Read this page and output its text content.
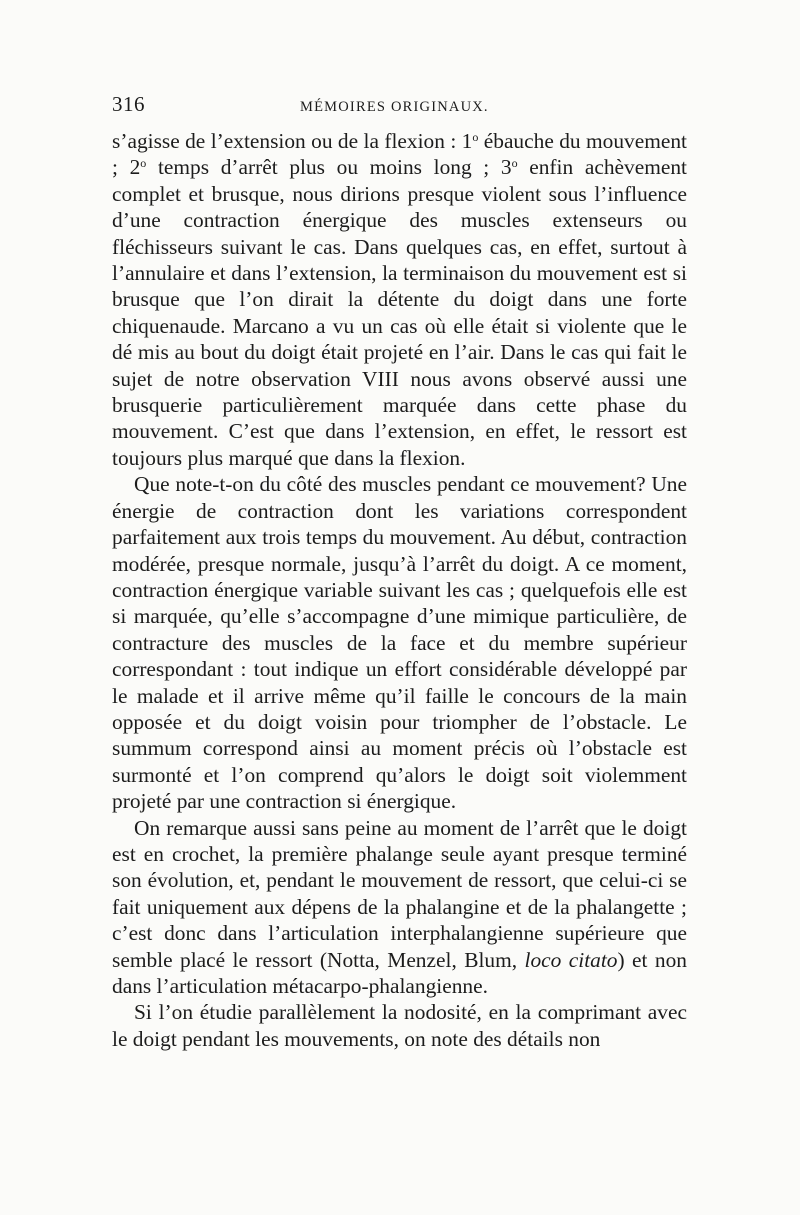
316	MÉMOIRES ORIGINAUX.

s’agisse de l’extension ou de la flexion : 1$^o$ ébauche du mouvement ; 2$^o$ temps d’arrêt plus ou moins long ; 3$^o$ enfin achèvement complet et brusque, nous dirions presque violent sous l’influence d’une contraction énergique des muscles extenseurs ou fléchisseurs suivant le cas. Dans quelques cas, en effet, surtout à l’annulaire et dans l’extension, la terminaison du mouvement est si brusque que l’on dirait la détente du doigt dans une forte chiquenaude. Marcano a vu un cas où elle était si violente que le dé mis au bout du doigt était projeté en l’air. Dans le cas qui fait le sujet de notre observation VIII nous avons observé aussi une brusquerie particulièrement marquée dans cette phase du mouvement. C’est que dans l’extension, en effet, le ressort est toujours plus marqué que dans la flexion.

Que note-t-on du côté des muscles pendant ce mouvement? Une énergie de contraction dont les variations correspondent parfaitement aux trois temps du mouvement. Au début, contraction modérée, presque normale, jusqu’à l’arrêt du doigt. A ce moment, contraction énergique variable suivant les cas ; quelquefois elle est si marquée, qu’elle s’accompagne d’une mimique particulière, de contracture des muscles de la face et du membre supérieur correspondant : tout indique un effort considérable développé par le malade et il arrive même qu’il faille le concours de la main opposée et du doigt voisin pour triompher de l’obstacle. Le summum correspond ainsi au moment précis où l’obstacle est surmonté et l’on comprend qu’alors le doigt soit violemment projeté par une contraction si énergique.

On remarque aussi sans peine au moment de l’arrêt que le doigt est en crochet, la première phalange seule ayant presque terminé son évolution, et, pendant le mouvement de ressort, que celui-ci se fait uniquement aux dépens de la phalangine et de la phalangette ; c’est donc dans l’articulation interphalangienne supérieure que semble placé le ressort (Notta, Menzel, Blum, loco citato) et non dans l’articulation métacarpo-phalangienne.

Si l’on étudie parallèlement la nodosité, en la comprimant avec le doigt pendant les mouvements, on note des détails non
